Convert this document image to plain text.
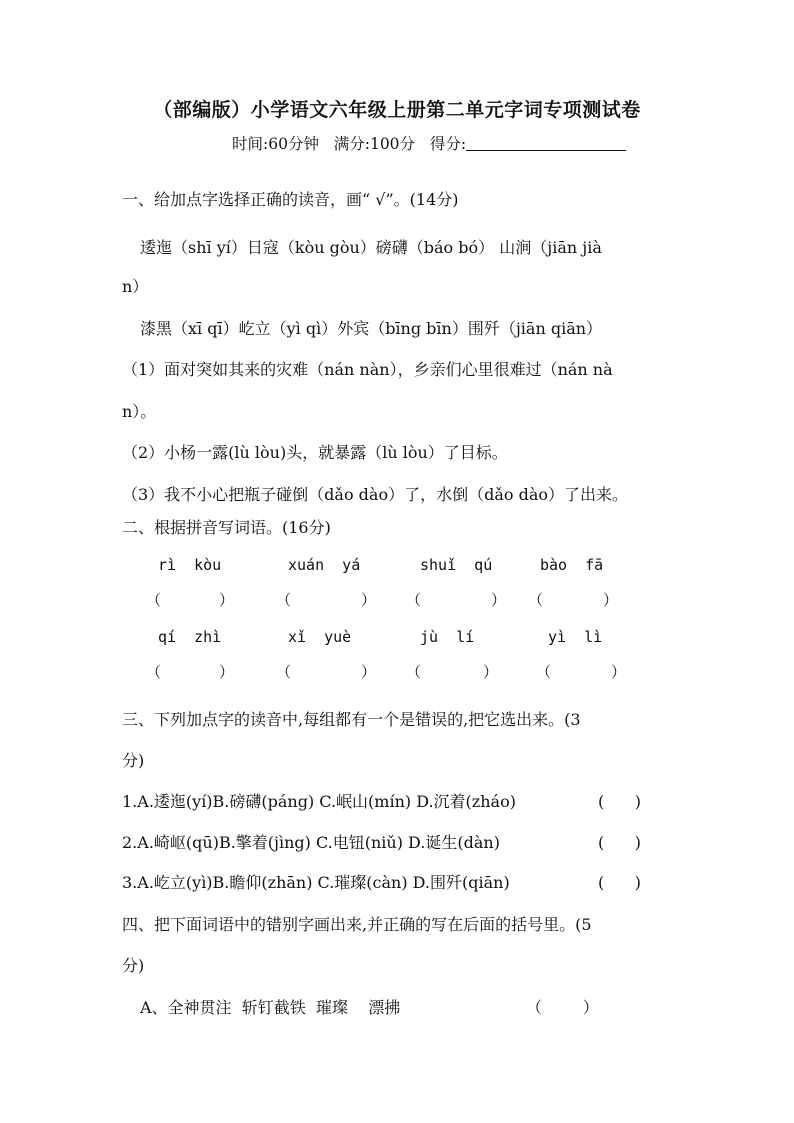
（部编版）小学语文六年级上册第二单元字词专项测试卷
时间:60分钟 满分:100分 得分:
一、给加点字选择正确的读音，画“ √”。(14分)
逶迤（shī yí）日寇（kòu gòu）磅礴（báo bó） 山涧（jiān jià
n）
漆黑（xī qī）屹立（yì qì）外宾（bīng bīn）围歼（jiān qiān）
（1）面对突如其来的灾难（nán nàn），乡亲们心里很难过（nán nà
n）。
（2）小杨一露(lù lòu)头，就暴露（lù lòu）了目标。
（3）我不小心把瓶子碰倒（dǎo dào）了，水倒（dǎo dào）了出来。
二、根据拼音写词语。(16分)
rì  kòu	xuán  yá	shuǐ  qú	bào  fā
（	）	（	） （	） （	）
qí  zhì	xǐ  yuè	jù  lí	yì  lì
（	）	（	） （	）	（	）
三、下列加点字的读音中,每组都有一个是错误的,把它选出来。(3
分)
1.A.逶迤(yí)B.磅礴(páng) C.岷山(mín) D.沉着(zháo)	(      )
2.A.崎岖(qū)B.擎着(jìng) C.电钮(niǔ) D.诞生(dàn)	(      )
3.A.屹立(yì)B.瞻仰(zhān) C.璀璨(càn) D.围歼(qiān)	(      )
四、把下面词语中的错别字画出来,并正确的写在后面的括号里。(5
分)
A、全神贯注  斩钉截铁  璀璨    漂拂	（        ）
